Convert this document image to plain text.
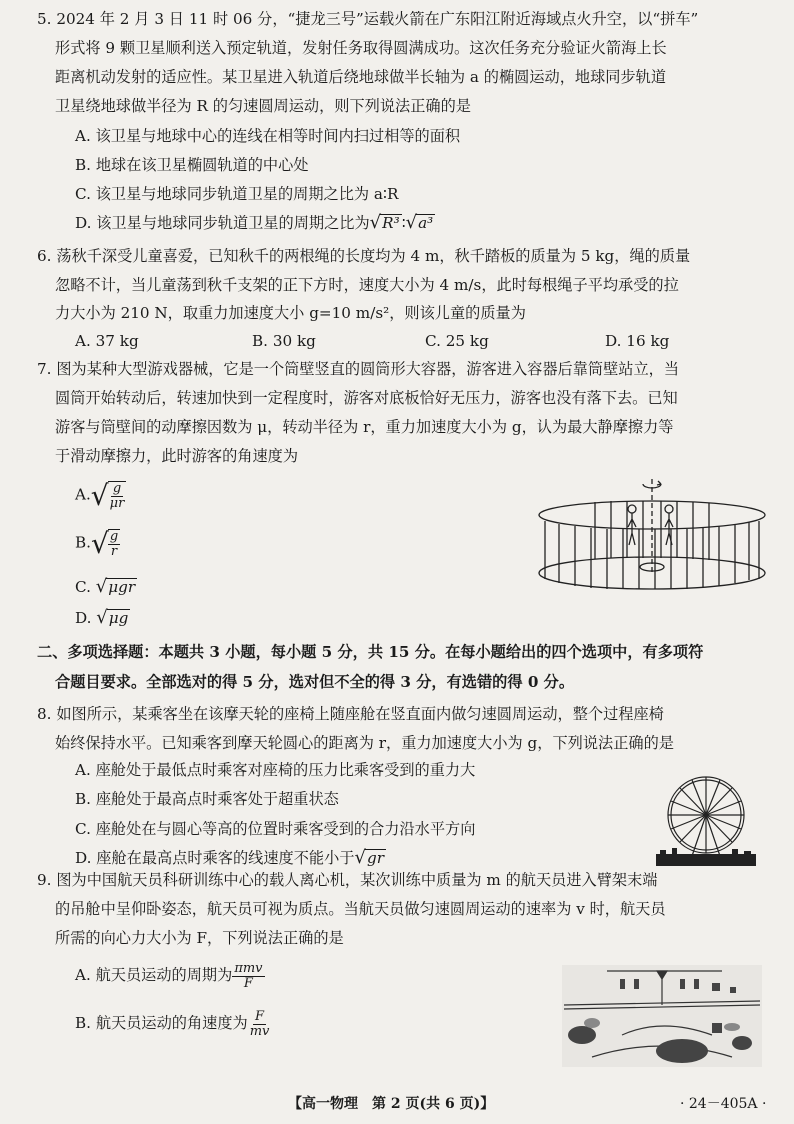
5. 2024 年 2 月 3 日 11 时 06 分，“捷龙三号”运载火箭在广东阳江附近海域点火升空，以“拼车”
形式将 9 颗卫星顺利送入预定轨道，发射任务取得圆满成功。这次任务充分验证火箭海上长
距离机动发射的适应性。某卫星进入轨道后绕地球做半长轴为 a 的椭圆运动，地球同步轨道
卫星绕地球做半径为 R 的匀速圆周运动，则下列说法正确的是
A. 该卫星与地球中心的连线在相等时间内扫过相等的面积
B. 地球在该卫星椭圆轨道的中心处
C. 该卫星与地球同步轨道卫星的周期之比为 a∶R
D. 该卫星与地球同步轨道卫星的周期之比为√R³ ∶√a³
6. 荡秋千深受儿童喜爱，已知秋千的两根绳的长度均为 4 m，秋千踏板的质量为 5 kg，绳的质量
忽略不计，当儿童荡到秋千支架的正下方时，速度大小为 4 m/s，此时每根绳子平均承受的拉
力大小为 210 N，取重力加速度大小 g=10 m/s²，则该儿童的质量为
A. 37 kg	B. 30 kg	C. 25 kg	D. 16 kg
7. 图为某种大型游戏器械，它是一个筒壁竖直的圆筒形大容器，游客进入容器后靠筒壁站立，当
圆筒开始转动后，转速加快到一定程度时，游客对底板恰好无压力，游客也没有落下去。已知
游客与筒壁间的动摩擦因数为 μ，转动半径为 r，重力加速度大小为 g，认为最大静摩擦力等
于滑动摩擦力，此时游客的角速度为
$A.√ \frac{g}{\mu r}$
$B.√ \frac{g}{r}$
C. √μgr
D. √μg
二、多项选择题：本题共 3 小题，每小题 5 分，共 15 分。在每小题给出的四个选项中，有多项符
合题目要求。全部选对的得 5 分，选对但不全的得 3 分，有选错的得 0 分。
8. 如图所示，某乘客坐在该摩天轮的座椅上随座舱在竖直面内做匀速圆周运动，整个过程座椅
始终保持水平。已知乘客到摩天轮圆心的距离为 r，重力加速度大小为 g，下列说法正确的是
A. 座舱处于最低点时乘客对座椅的压力比乘客受到的重力大
B. 座舱处于最高点时乘客处于超重状态
C. 座舱处在与圆心等高的位置时乘客受到的合力沿水平方向
D. 座舱在最高点时乘客的线速度不能小于√gr
9. 图为中国航天员科研训练中心的载人离心机，某次训练中质量为 m 的航天员进入臂架末端
的吊舱中呈仰卧姿态，航天员可视为质点。当航天员做匀速圆周运动的速率为 v 时，航天员
所需的向心力大小为 F，下列说法正确的是
A. 航天员运动的周期为 $\frac{\text{πmv}}{F}$
B. 航天员运动的角速度为 $\frac{F}{mv}$
【高一物理　第 2 页(共 6 页)】	· 24－405A ·
